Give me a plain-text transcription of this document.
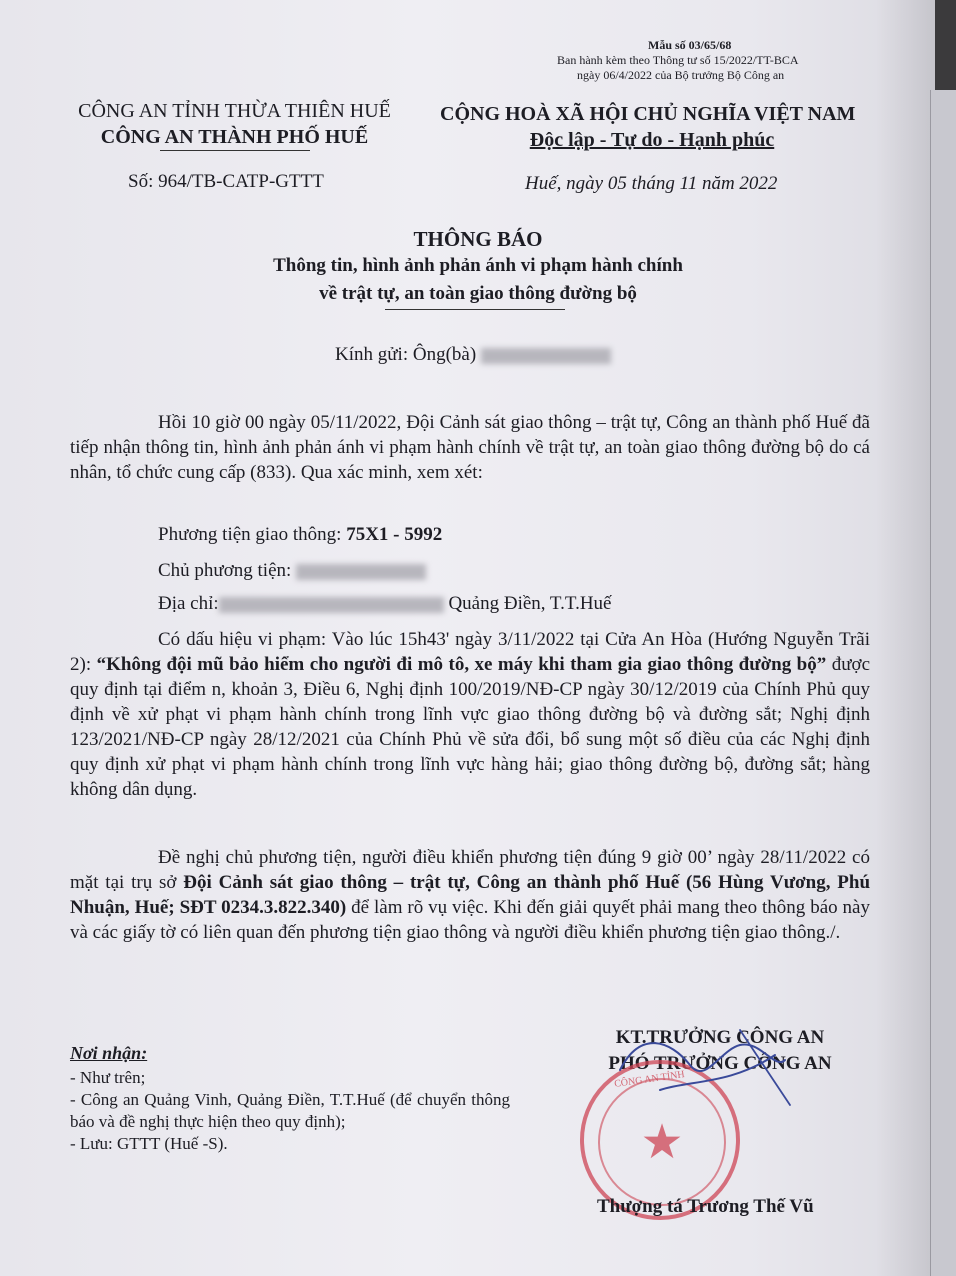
Mẫu số 03/65/68
Ban hành kèm theo Thông tư số 15/2022/TT-BCA
ngày 06/4/2022 của Bộ trưởng Bộ Công an
CÔNG AN TỈNH THỪA THIÊN HUẾ
CÔNG AN THÀNH PHỐ HUẾ
Số: 964/TB-CATP-GTTT
CỘNG HOÀ XÃ HỘI CHỦ NGHĨA VIỆT NAM
Độc lập - Tự do - Hạnh phúc
Huế, ngày 05 tháng 11 năm 2022
THÔNG BÁO
Thông tin, hình ảnh phản ánh vi phạm hành chính
về trật tự, an toàn giao thông đường bộ
Kính gửi: Ông(bà)
Hồi 10 giờ 00 ngày 05/11/2022, Đội Cảnh sát giao thông – trật tự, Công an thành phố Huế đã tiếp nhận thông tin, hình ảnh phản ánh vi phạm hành chính về trật tự, an toàn giao thông đường bộ do cá nhân, tổ chức cung cấp (833). Qua xác minh, xem xét:
Phương tiện giao thông: 75X1 - 5992
Chủ phương tiện:
Địa chỉ:	Quảng Điền, T.T.Huế
Có dấu hiệu vi phạm: Vào lúc 15h43' ngày 3/11/2022 tại Cửa An Hòa (Hướng Nguyễn Trãi 2): “Không đội mũ bảo hiểm cho người đi mô tô, xe máy khi tham gia giao thông đường bộ” được quy định tại điểm n, khoản 3, Điều 6, Nghị định 100/2019/NĐ-CP ngày 30/12/2019 của Chính Phủ quy định về xử phạt vi phạm hành chính trong lĩnh vực giao thông đường bộ và đường sắt; Nghị định 123/2021/NĐ-CP ngày 28/12/2021 của Chính Phủ về sửa đổi, bổ sung một số điều của các Nghị định quy định xử phạt vi phạm hành chính trong lĩnh vực hàng hải; giao thông đường bộ, đường sắt; hàng không dân dụng.
Đề nghị chủ phương tiện, người điều khiển phương tiện đúng 9 giờ 00’ ngày 28/11/2022 có mặt tại trụ sở Đội Cảnh sát giao thông – trật tự, Công an thành phố Huế (56 Hùng Vương, Phú Nhuận, Huế; SĐT 0234.3.822.340) để làm rõ vụ việc. Khi đến giải quyết phải mang theo thông báo này và các giấy tờ có liên quan đến phương tiện giao thông và người điều khiển phương tiện giao thông./.
Nơi nhận:
- Như trên;
- Công an Quảng Vinh, Quảng Điền, T.T.Huế (để chuyển thông báo và đề nghị thực hiện theo quy định);
- Lưu: GTTT (Huế -S).
KT.TRƯỞNG CÔNG AN
PHÓ TRƯỞNG CÔNG AN
★
CÔNG AN TỈNH
Thượng tá Trương Thế Vũ
